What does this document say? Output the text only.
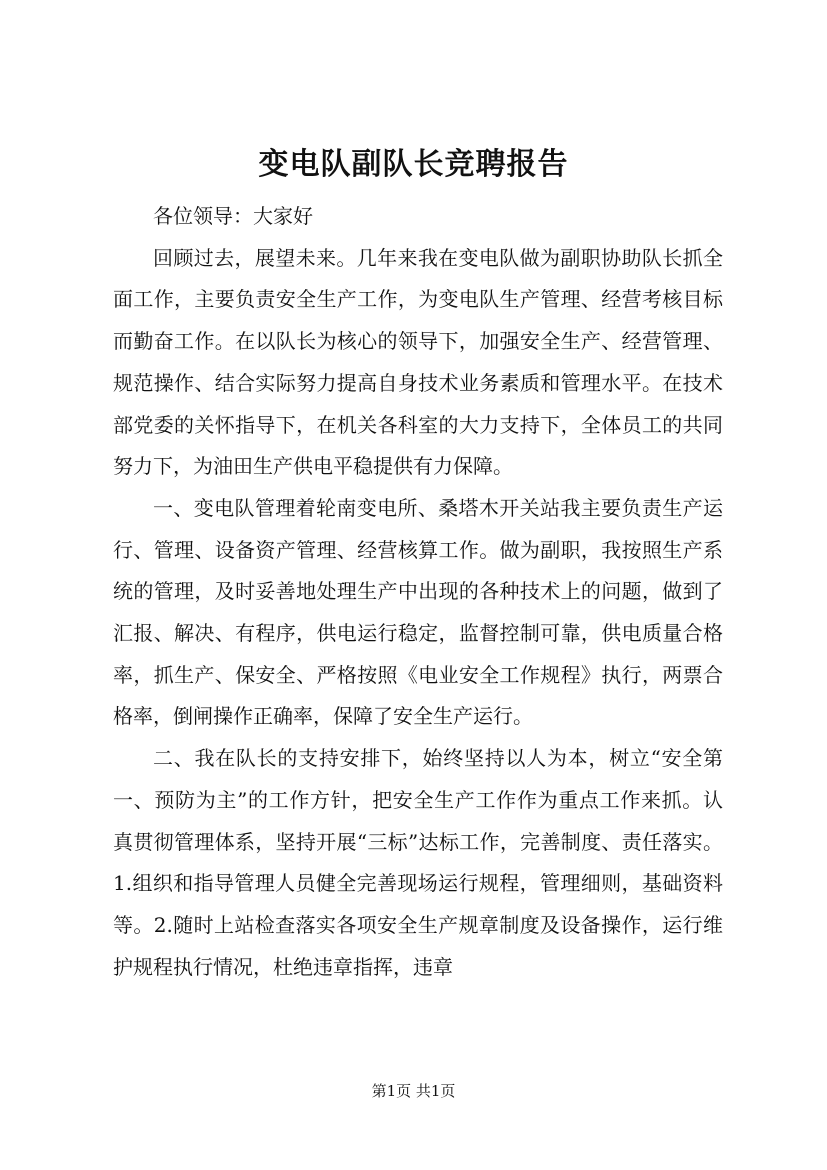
变电队副队长竞聘报告

各位领导：大家好

回顾过去，展望未来。几年来我在变电队做为副职协助队长抓全面工作，主要负责安全生产工作，为变电队生产管理、经营考核目标而勤奋工作。在以队长为核心的领导下，加强安全生产、经营管理、规范操作、结合实际努力提高自身技术业务素质和管理水平。在技术部党委的关怀指导下，在机关各科室的大力支持下，全体员工的共同努力下，为油田生产供电平稳提供有力保障。

一、变电队管理着轮南变电所、桑塔木开关站我主要负责生产运行、管理、设备资产管理、经营核算工作。做为副职，我按照生产系统的管理，及时妥善地处理生产中出现的各种技术上的问题，做到了汇报、解决、有程序，供电运行稳定，监督控制可靠，供电质量合格率，抓生产、保安全、严格按照《电业安全工作规程》执行，两票合格率，倒闸操作正确率，保障了安全生产运行。

二、我在队长的支持安排下，始终坚持以人为本，树立“安全第一、预防为主”的工作方针，把安全生产工作作为重点工作来抓。认真贯彻管理体系，坚持开展“三标”达标工作，完善制度、责任落实。 1.组织和指导管理人员健全完善现场运行规程，管理细则，基础资料等。2.随时上站检查落实各项安全生产规章制度及设备操作，运行维护规程执行情况，杜绝违章指挥，违章

第1页 共1页
